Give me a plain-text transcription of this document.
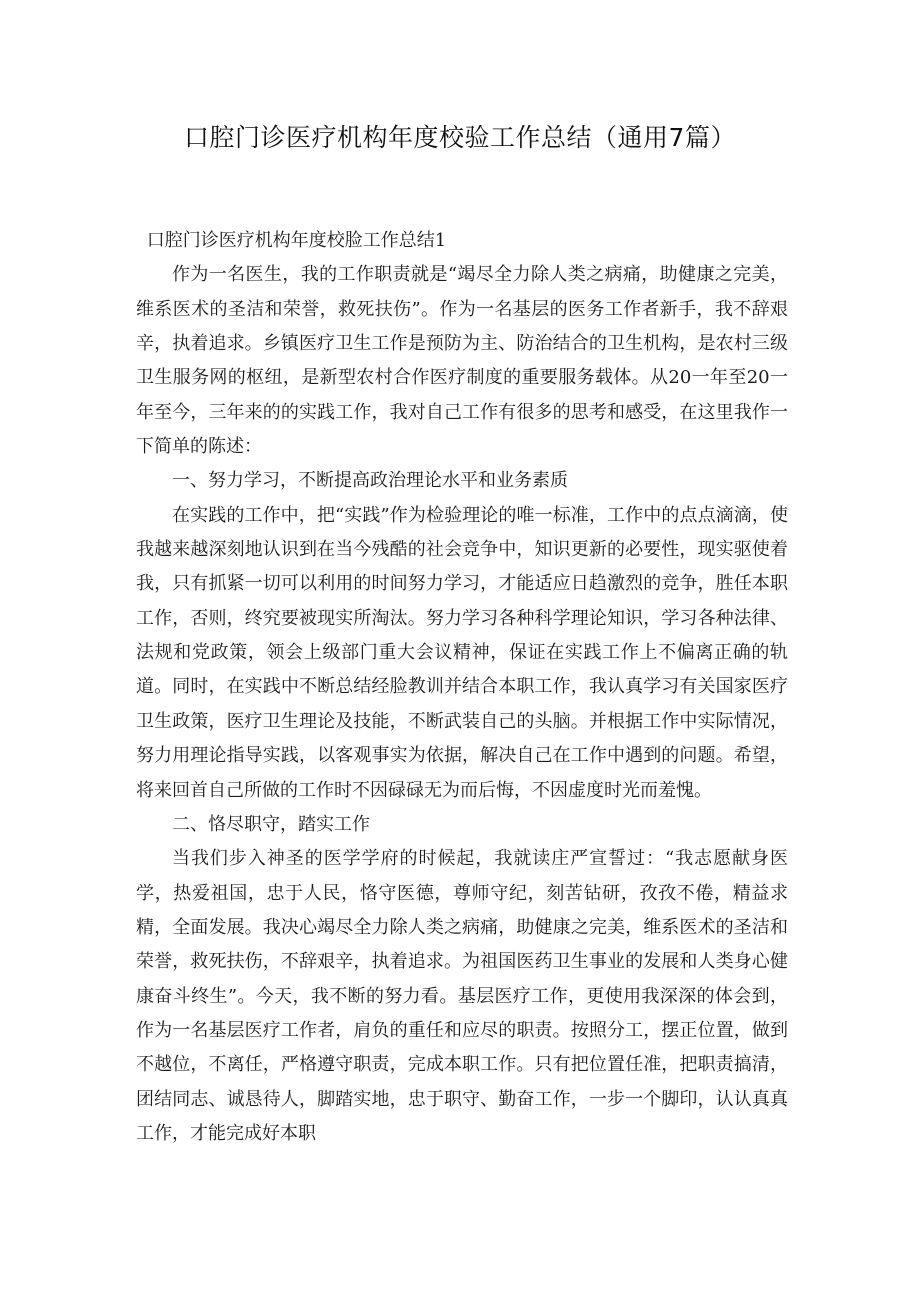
口腔门诊医疗机构年度校验工作总结（通用7篇）

口腔门诊医疗机构年度校脸工作总结1

作为一名医生，我的工作职责就是“竭尽全力除人类之病痛，助健康之完美，维系医术的圣洁和荣誉，救死扶伤”。作为一名基层的医务工作者新手，我不辞艰辛，执着追求。乡镇医疗卫生工作是预防为主、防治结合的卫生机构，是农村三级卫生服务网的枢纽，是新型农村合作医疗制度的重要服务载体。从20一年至20一年至今，三年来的的实践工作，我对自己工作有很多的思考和感受，在这里我作一下简单的陈述：

一、努力学习，不断提高政治理论水平和业务素质

在实践的工作中，把“实践”作为检验理论的唯一标准，工作中的点点滴滴，使我越来越深刻地认识到在当今残酷的社会竞争中，知识更新的必要性，现实驱使着我，只有抓紧一切可以利用的时间努力学习，才能适应日趋激烈的竞争，胜任本职工作，否则，终究要被现实所淘汰。努力学习各种科学理论知识，学习各种法律、法规和党政策，领会上级部门重大会议精神，保证在实践工作上不偏离正确的轨道。同时，在实践中不断总结经脸教训并结合本职工作，我认真学习有关国家医疗卫生政策，医疗卫生理论及技能，不断武装自己的头脑。并根据工作中实际情况，努力用理论指导实践，以客观事实为依据，解决自己在工作中遇到的问题。希望，将来回首自己所做的工作时不因碌碌无为而后悔，不因虚度时光而羞愧。

二、恪尽职守，踏实工作

当我们步入神圣的医学学府的时候起，我就读庄严宣誓过：“我志愿献身医学，热爱祖国，忠于人民，恪守医德，尊师守纪，刻苦钻研，孜孜不倦，精益求精，全面发展。我决心竭尽全力除人类之病痛，助健康之完美，维系医术的圣洁和荣誉，救死扶伤，不辞艰辛，执着追求。为祖国医药卫生事业的发展和人类身心健康奋斗终生”。今天，我不断的努力看。基层医疗工作，更使用我深深的体会到，作为一名基层医疗工作者，肩负的重任和应尽的职责。按照分工，摆正位置，做到不越位，不离任，严格遵守职责，完成本职工作。只有把位置任准，把职责搞清，团结同志、诚恳待人，脚踏实地，忠于职守、勤奋工作，一步一个脚印，认认真真工作，才能完成好本职
